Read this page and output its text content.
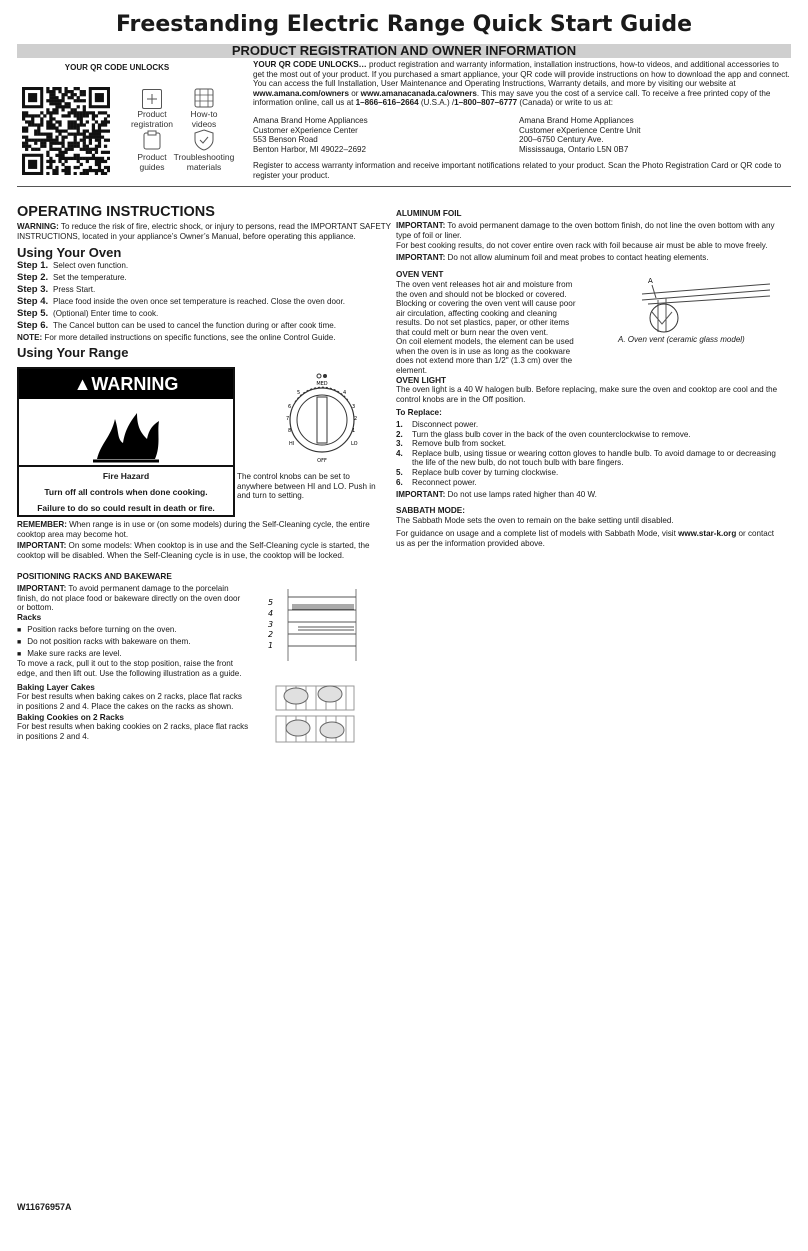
Freestanding Electric Range Quick Start Guide
PRODUCT REGISTRATION AND OWNER INFORMATION
YOUR QR CODE UNLOCKS
Product registration
How-to videos
Product guides
Troubleshooting materials
YOUR QR CODE UNLOCKS… product registration and warranty information, installation instructions, how-to videos, and additional accessories to get the most out of your product. If you purchased a smart appliance, your QR code will provide instructions on how to download the app and connect. You can access the full Installation, User Maintenance and Operating Instructions, Warranty details, and more by visiting our website at www.amana.com/owners or www.amanacanada.ca/owners. This may save you the cost of a service call. To receive a free printed copy of the information online, call us at 1–866–616–2664 (U.S.A.) /1–800–807–6777 (Canada) or write to us at:
Amana Brand Home Appliances
Customer eXperience Center
553 Benson Road
Benton Harbor, MI 49022–2692
Amana Brand Home Appliances
Customer eXperience Centre Unit
200–6750 Century Ave.
Mississauga, Ontario L5N 0B7
Register to access warranty information and receive important notifications related to your product. Scan the Photo Registration Card or QR code to register your product.
OPERATING INSTRUCTIONS
WARNING: To reduce the risk of fire, electric shock, or injury to persons, read the IMPORTANT SAFETY INSTRUCTIONS, located in your appliance’s Owner’s Manual, before operating this appliance.
Using Your Oven
Step 1. Select oven function.
Step 2. Set the temperature.
Step 3. Press Start.
Step 4. Place food inside the oven once set temperature is reached. Close the oven door.
Step 5. (Optional) Enter time to cook.
Step 6. The Cancel button can be used to cancel the function during or after cook time.
NOTE: For more detailed instructions on specific functions, see the online Control Guide.
Using Your Range
▲WARNING
Fire Hazard
Turn off all controls when done cooking.
Failure to do so could result in death or fire.
MED
HI	LO
OFF
3
2
1
6
7
8
5	4
The control knobs can be set to anywhere between HI and LO. Push in and turn to setting.
REMEMBER: When range is in use or (on some models) during the Self-Cleaning cycle, the entire cooktop area may become hot.
IMPORTANT: On some models: When cooktop is in use and the Self-Cleaning cycle is started, the cooktop will be disabled. When the Self-Cleaning cycle is in use, the cooktop will be locked.
POSITIONING RACKS AND BAKEWARE
IMPORTANT: To avoid permanent damage to the porcelain finish, do not place food or bakeware directly on the oven door or bottom.
Racks
■ Position racks before turning on the oven.
■ Do not position racks with bakeware on them.
■ Make sure racks are level.
To move a rack, pull it out to the stop position, raise the front edge, and then lift out. Use the following illustration as a guide.
Baking Layer Cakes
For best results when baking cakes on 2 racks, place flat racks in positions 2 and 4. Place the cakes on the racks as shown.
Baking Cookies on 2 Racks
For best results when baking cookies on 2 racks, place flat racks in positions 2 and 4.
5
4
3
2
1
ALUMINUM FOIL
IMPORTANT: To avoid permanent damage to the oven bottom finish, do not line the oven bottom with any type of foil or liner.
For best cooking results, do not cover entire oven rack with foil because air must be able to move freely.
IMPORTANT: Do not allow aluminum foil and meat probes to contact heating elements.
OVEN VENT
The oven vent releases hot air and moisture from the oven and should not be blocked or covered. Blocking or covering the oven vent will cause poor air circulation, affecting cooking and cleaning results. Do not set plastics, paper, or other items that could melt or burn near the oven vent.
On coil element models, the element can be used when the oven is in use as long as the cookware does not extend more than 1/2" (1.3 cm) over the element.
A
A. Oven vent (ceramic glass model)
OVEN LIGHT
The oven light is a 40 W halogen bulb. Before replacing, make sure the oven and cooktop are cool and the control knobs are in the Off position.
To Replace:
1.	Disconnect power.
2.	Turn the glass bulb cover in the back of the oven counterclockwise to remove.
3.	Remove bulb from socket.
4.	Replace bulb, using tissue or wearing cotton gloves to handle bulb. To avoid damage to or decreasing the life of the new bulb, do not touch bulb with bare fingers.
5.	Replace bulb cover by turning clockwise.
6.	Reconnect power.
IMPORTANT: Do not use lamps rated higher than 40 W.
SABBATH MODE:
The Sabbath Mode sets the oven to remain on the bake setting until disabled.
For guidance on usage and a complete list of models with Sabbath Mode, visit www.star-k.org or contact us as per the information provided above.
W11676957A
